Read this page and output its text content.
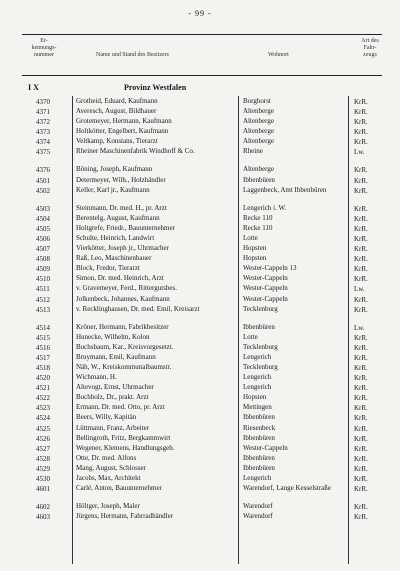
- 99 -
Er-
kennungs-
nummer	Name und Stand des Besitzers	Wohnort
Art des
Fahr-
zeugs
I X	Provinz Westfalen
4370	Grotheid, Eduard, Kaufmann	Borghorst	KrR.
4371	Averesch, August, Bildhauer	Altenberge	KrR.
4372	Grotemeyer, Hermann, Kaufmann	Altenberge	KrR.
4373	Holtkötter, Engelbert, Kaufmann	Altenberge	KrR.
4374	Veltkamp, Konstans, Tierarzt	Altenberge	KrR.
4375	Rheiner Maschinenfabrik Windhoff & Co.	Rheine	Lw.
4376	Böning, Joseph, Kaufmann	Altenberge	KrR.
4501	Determeyer, Wilh., Holzhändler	Ibbenbüren	KrR.
4502	Keller, Karl jr., Kaufmann	Laggenbeck, Amt Ibbenbüren	KrR.
4503	Steinmann, Dr. med. H., pr. Arzt	Lengerich i. W.	KrR.
4504	Berentelg, August, Kaufmann	Recke 110	KrR.
4505	Holtgrefe, Friedr., Bauunternehmer	Recke 110	KrR.
4506	Schulte, Heinrich, Landwirt	Lotte	KrR.
4507	Vierkötter, Joseph jr., Uhrmacher	Hopsten	KrR.
4508	Raß, Leo, Maschinenbauer	Hopsten	KrR.
4509	Block, Fredor, Tierarzt	Wester-Cappeln 13	KrR.
4510	Simon, Dr. med. Heinrich, Arzt	Wester-Cappeln	KrR.
4511	v. Gravemeyer, Ferd., Rittergutsbes.	Wester-Cappeln	Lw.
4512	Jolkenbeck, Johannes, Kaufmann	Wester-Cappeln	KrR.
4513	v. Recklinghausen, Dr. med. Emil, Kreisarzt	Tecklenburg	KrR.
4514	Kröner, Hermann, Fabrikbesitzer	Ibbenbüren	Lw.
4515	Hunecke, Wilhelm, Kolon	Lotte	KrR.
4516	Buchsbaum, Kar., Kreisvorgesetzt.	Tecklenburg	KrR.
4517	Bruymann, Emil, Kaufmann	Lengerich	KrR.
4518	Näh, W., Kreiskommunalbaumstr.	Tecklenburg	KrR.
4520	Wichmann, H.	Lengerich	KrR.
4521	Altevogt, Ernst, Uhrmacher	Lengerich	KrR.
4522	Buchholz, Dr., prakt. Arzt	Hopsten	KrR.
4523	Ermann, Dr. med. Otto, pr. Arzt	Mettingen	KrR.
4524	Beers, Willy, Kapitän	Ibbenbüren	KrR.
4525	Lüttmann, Franz, Arbeiter	Riesenbeck	KrR.
4526	Bellingroth, Fritz, Bergkammwirt	Ibbenbüren	KrR.
4527	Wegener, Klemens, Handlungsgeh.	Wester-Cappeln	KrR.
4528	Otte, Dr. med. Alfons	Ibbenbüren	KrR.
4529	Mang, August, Schlosser	Ibbenbüren	KrR.
4530	Jacobs, Max, Architekt	Lengerich	KrR.
4601	Carlé, Anton, Bauunternehmer	Warendorf, Lange Kesselstraße	KrR.
4602	Höltger, Joseph, Maler	Warendorf	KrR.
4603	Jürgens, Hermann, Fahrradhändler	Warendorf	KrR.
